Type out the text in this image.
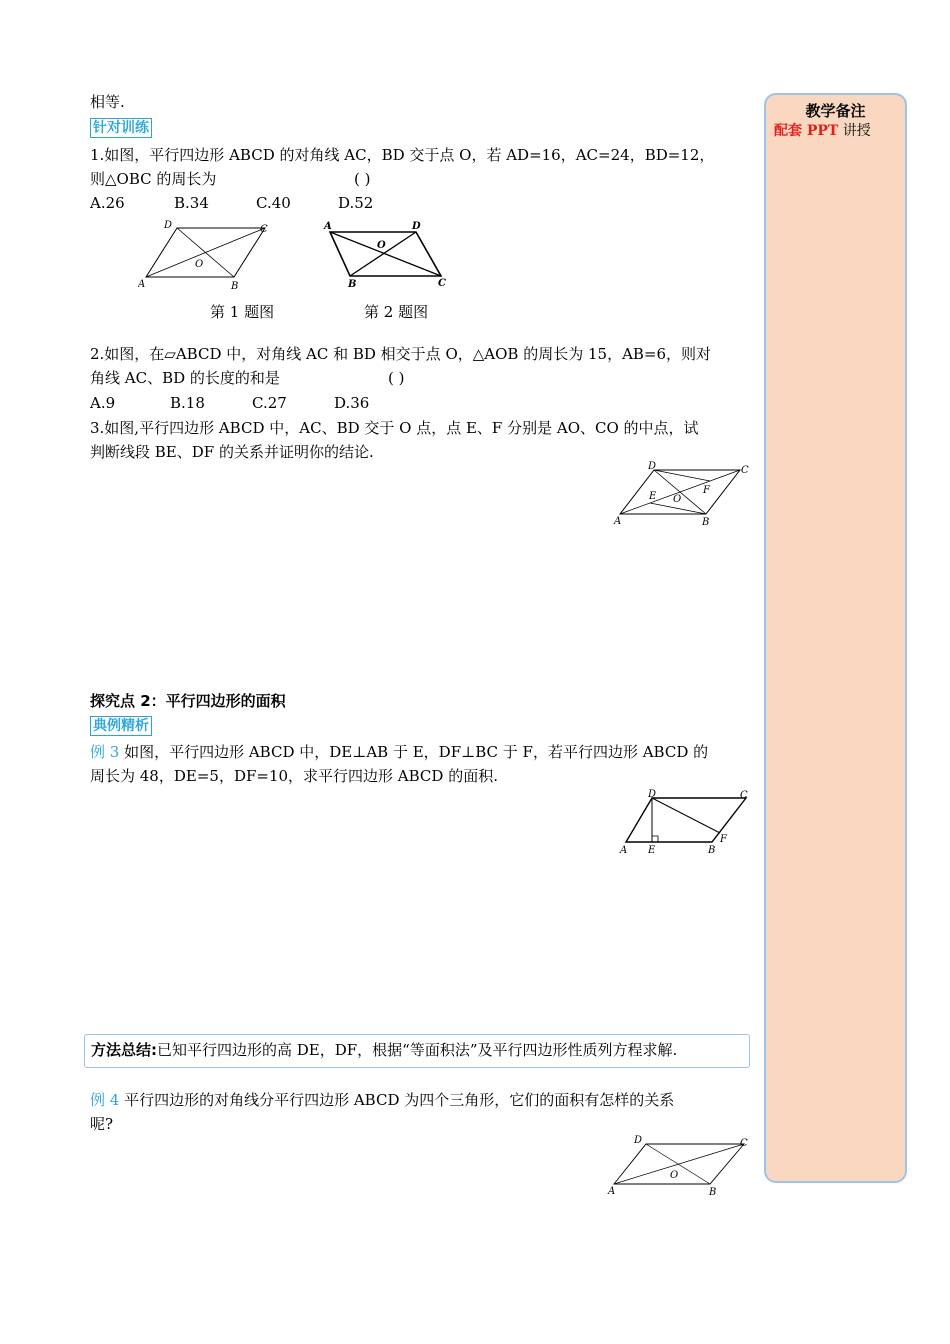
相等.
针对训练
1.如图，平行四边形 ABCD 的对角线 AC，BD 交于点 O，若 AD=16，AC=24，BD=12，
则△OBC 的周长为	( )
A.26	B.34	C.40	D.52
A	B
C
D
O
A
B	C
D
O
第 1 题图	第 2 题图
2.如图，在▱ABCD 中，对角线 AC 和 BD 相交于点 O，△AOB 的周长为 15，AB=6，则对
角线 AC、BD 的长度的和是	( )
A.9	B.18	C.27	D.36
3.如图,平行四边形 ABCD 中，AC、BD 交于 O 点，点 E、F 分别是 AO、CO 的中点，试
判断线段 BE、DF 的关系并证明你的结论.
A	B
C
D
E
F
O
探究点 2：平行四边形的面积
典例精析
例 3 如图，平行四边形 ABCD 中，DE⊥AB 于 E，DF⊥BC 于 F，若平行四边形 ABCD 的
周长为 48，DE=5，DF=10，求平行四边形 ABCD 的面积.
A	B
C
D
E
F
方法总结:已知平行四边形的高 DE，DF，根据“等面积法”及平行四边形性质列方程求解.
例 4 平行四边形的对角线分平行四边形 ABCD 为四个三角形，它们的面积有怎样的关系
呢?
A	B
C
D
O
教学备注
配套 PPT 讲授
